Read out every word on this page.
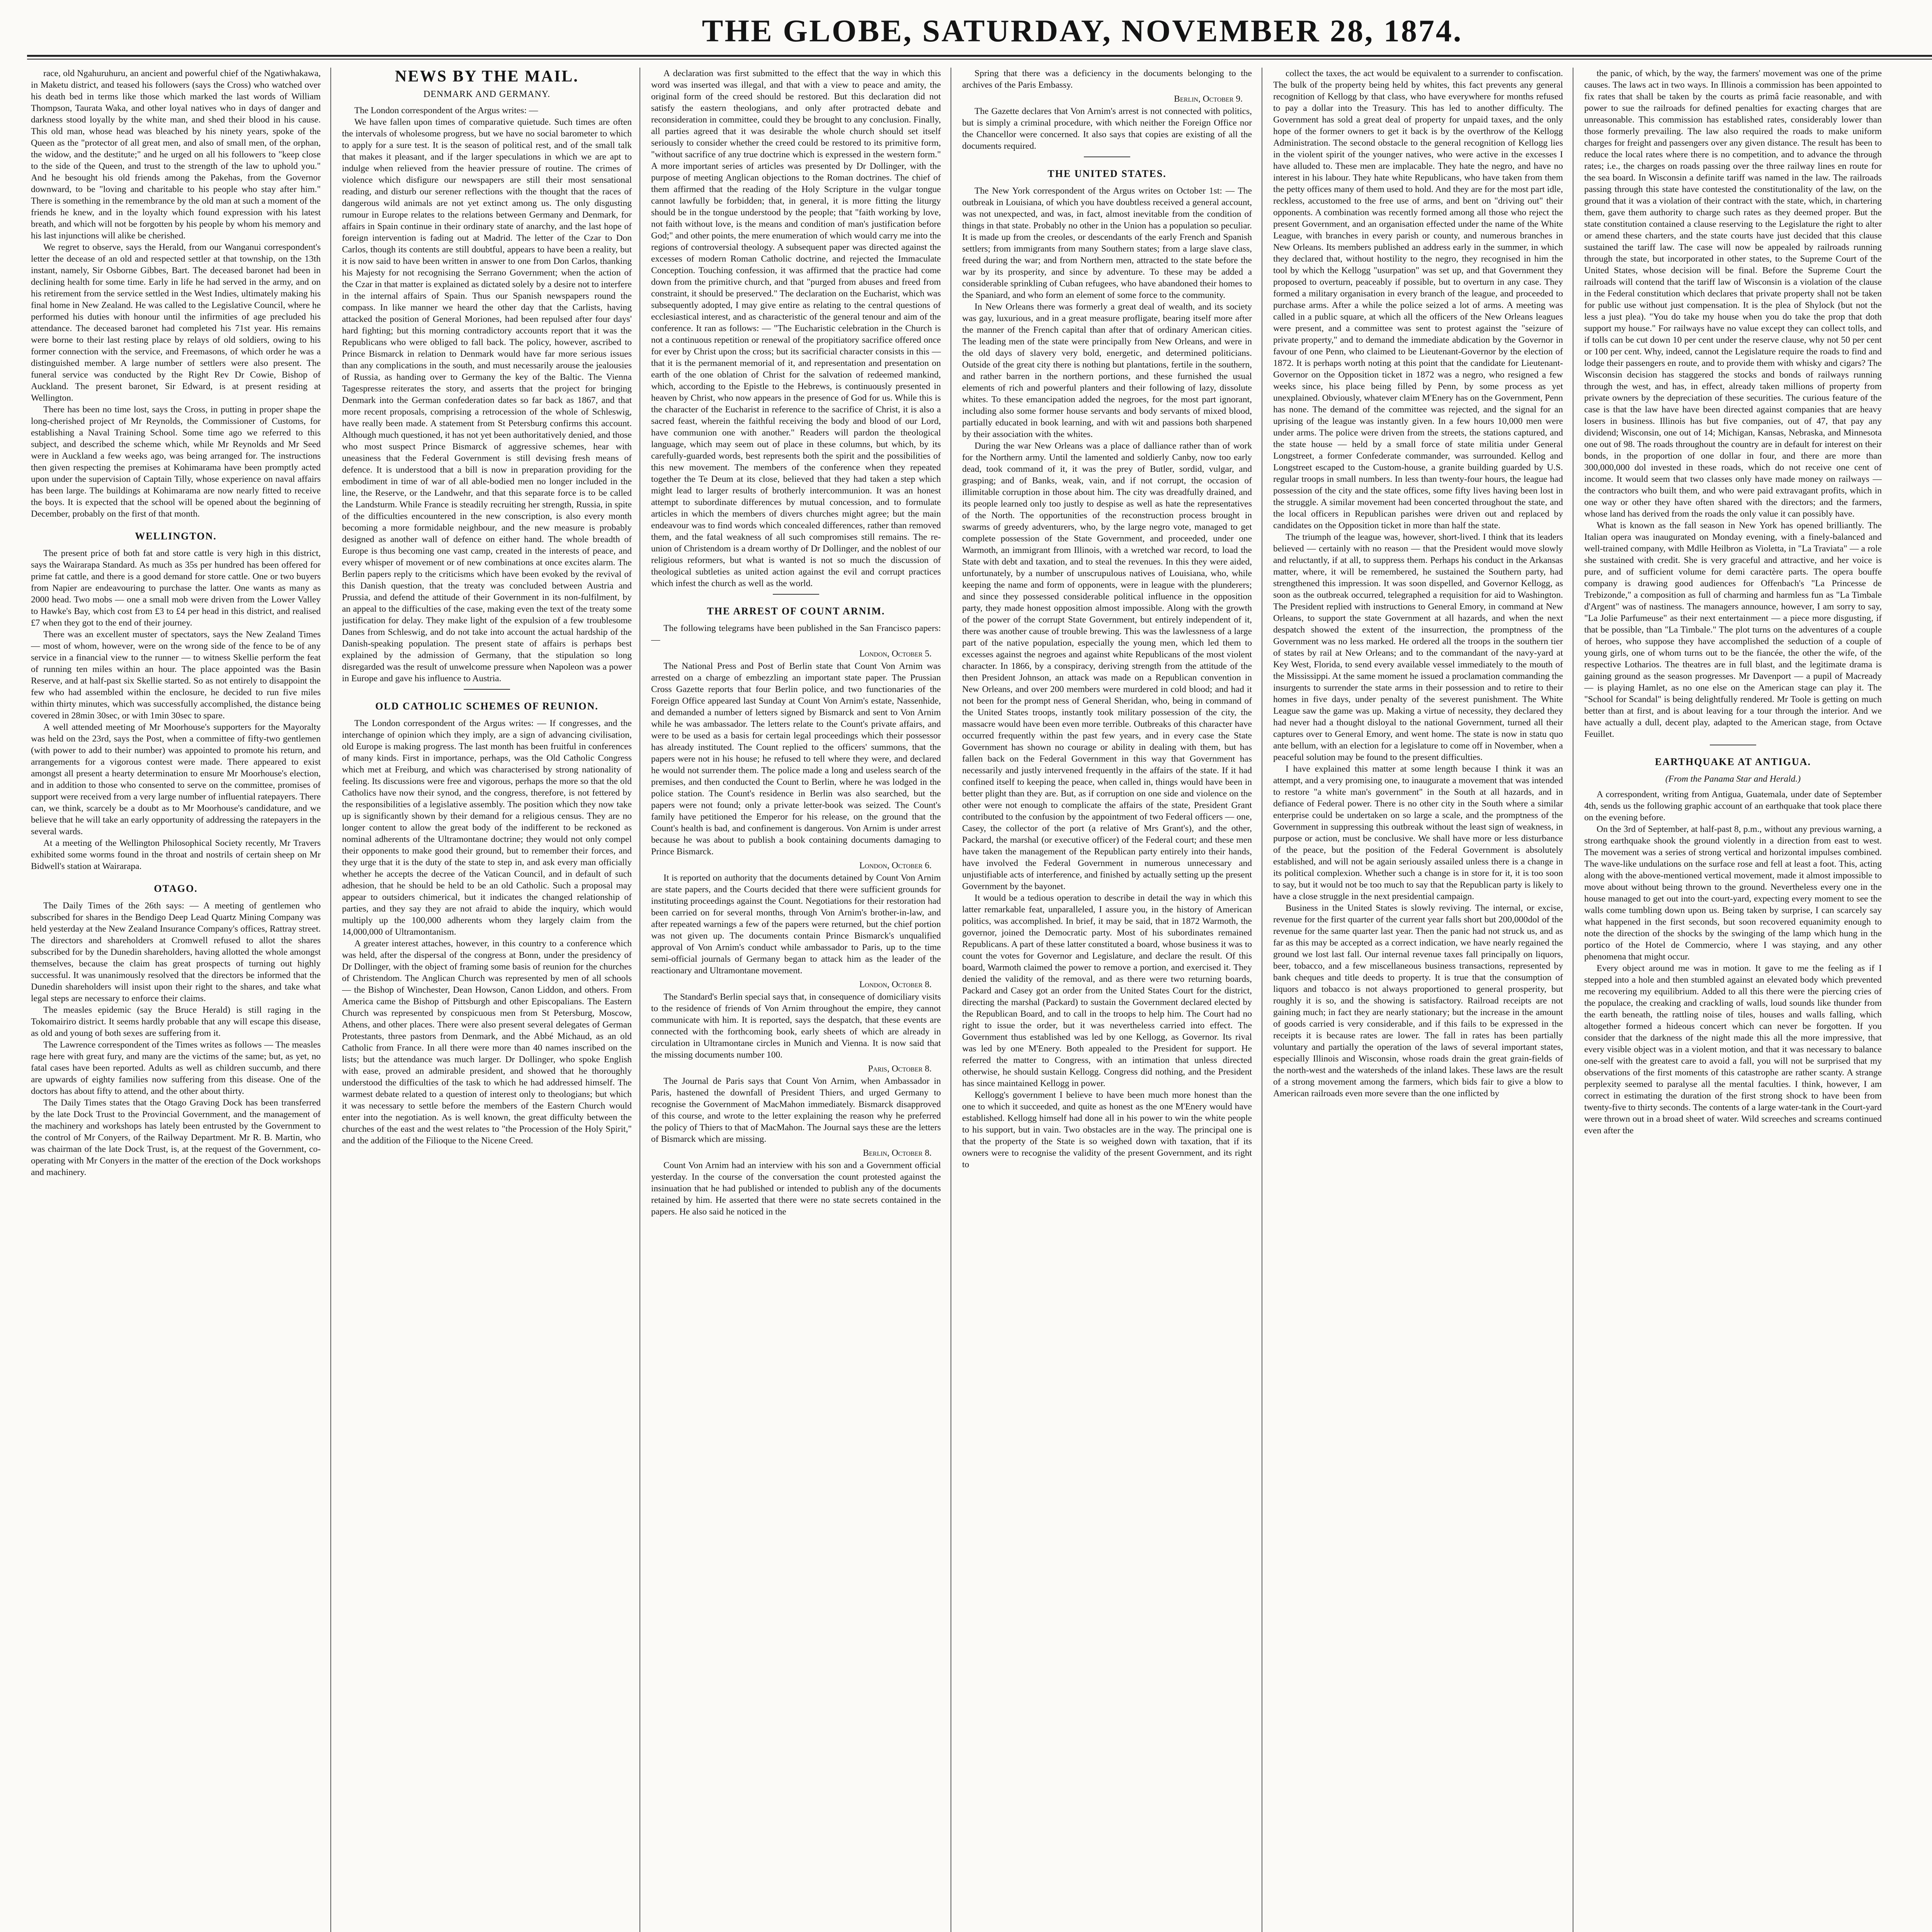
THE GLOBE, SATURDAY, NOVEMBER 28, 1874.

race, old Ngahuruhuru, an ancient and powerful chief of the Ngatiwhakawa, in Maketu district, and teased his followers (says the Cross) who watched over his death bed in terms like those which marked the last words of William Thompson, Taurata Waka, and other loyal natives who in days of danger and darkness stood loyally by the white man, and shed their blood in his cause. This old man, whose head was bleached by his ninety years, spoke of the Queen as the "protector of all great men, and also of small men, of the orphan, the widow, and the destitute;" and he urged on all his followers to "keep close to the side of the Queen, and trust to the strength of the law to uphold you." And he besought his old friends among the Pakehas, from the Governor downward, to be "loving and charitable to his people who stay after him." There is something in the remembrance by the old man at such a moment of the friends he knew, and in the loyalty which found expression with his latest breath, and which will not be forgotten by his people by whom his memory and his last injunctions will alike be cherished.

We regret to observe, says the Herald, from our Wanganui correspondent's letter the decease of an old and respected settler at that township, on the 13th instant, namely, Sir Osborne Gibbes, Bart. The deceased baronet had been in declining health for some time. Early in life he had served in the army, and on his retirement from the service settled in the West Indies, ultimately making his final home in New Zealand. He was called to the Legislative Council, where he performed his duties with honour until the infirmities of age precluded his attendance. The deceased baronet had completed his 71st year. His remains were borne to their last resting place by relays of old soldiers, owing to his former connection with the service, and Freemasons, of which order he was a distinguished member. A large number of settlers were also present. The funeral service was conducted by the Right Rev Dr Cowie, Bishop of Auckland. The present baronet, Sir Edward, is at present residing at Wellington.

There has been no time lost, says the Cross, in putting in proper shape the long-cherished project of Mr Reynolds, the Commissioner of Customs, for establishing a Naval Training School. Some time ago we referred to this subject, and described the scheme which, while Mr Reynolds and Mr Seed were in Auckland a few weeks ago, was being arranged for. The instructions then given respecting the premises at Kohimarama have been promptly acted upon under the supervision of Captain Tilly, whose experience on naval affairs has been large. The buildings at Kohimarama are now nearly fitted to receive the boys. It is expected that the school will be opened about the beginning of December, probably on the first of that month.

WELLINGTON.

The present price of both fat and store cattle is very high in this district, says the Wairarapa Standard. As much as 35s per hundred has been offered for prime fat cattle, and there is a good demand for store cattle. One or two buyers from Napier are endeavouring to purchase the latter. One wants as many as 2000 head. Two mobs — one a small mob were driven from the Lower Valley to Hawke's Bay, which cost from £3 to £4 per head in this district, and realised £7 when they got to the end of their journey.

There was an excellent muster of spectators, says the New Zealand Times — most of whom, however, were on the wrong side of the fence to be of any service in a financial view to the runner — to witness Skellie perform the feat of running ten miles within an hour. The place appointed was the Basin Reserve, and at half-past six Skellie started. So as not entirely to disappoint the few who had assembled within the enclosure, he decided to run five miles within thirty minutes, which was successfully accomplished, the distance being covered in 28min 30sec, or with 1min 30sec to spare.

A well attended meeting of Mr Moorhouse's supporters for the Mayoralty was held on the 23rd, says the Post, when a committee of fifty-two gentlemen (with power to add to their number) was appointed to promote his return, and arrangements for a vigorous contest were made. There appeared to exist amongst all present a hearty determination to ensure Mr Moorhouse's election, and in addition to those who consented to serve on the committee, promises of support were received from a very large number of influential ratepayers. There can, we think, scarcely be a doubt as to Mr Moorhouse's candidature, and we believe that he will take an early opportunity of addressing the ratepayers in the several wards.

At a meeting of the Wellington Philosophical Society recently, Mr Travers exhibited some worms found in the throat and nostrils of certain sheep on Mr Bidwell's station at Wairarapa.

OTAGO.

The Daily Times of the 26th says: — A meeting of gentlemen who subscribed for shares in the Bendigo Deep Lead Quartz Mining Company was held yesterday at the New Zealand Insurance Company's offices, Rattray street. The directors and shareholders at Cromwell refused to allot the shares subscribed for by the Dunedin shareholders, having allotted the whole amongst themselves, because the claim has great prospects of turning out highly successful. It was unanimously resolved that the directors be informed that the Dunedin shareholders will insist upon their right to the shares, and take what legal steps are necessary to enforce their claims.

The measles epidemic (say the Bruce Herald) is still raging in the Tokomairiro district. It seems hardly probable that any will escape this disease, as old and young of both sexes are suffering from it.

The Lawrence correspondent of the Times writes as follows — The measles rage here with great fury, and many are the victims of the same; but, as yet, no fatal cases have been reported. Adults as well as children succumb, and there are upwards of eighty families now suffering from this disease. One of the doctors has about fifty to attend, and the other about thirty.

The Daily Times states that the Otago Graving Dock has been transferred by the late Dock Trust to the Provincial Government, and the management of the machinery and workshops has lately been entrusted by the Government to the control of Mr Conyers, of the Railway Department. Mr R. B. Martin, who was chairman of the late Dock Trust, is, at the request of the Government, co-operating with Mr Conyers in the matter of the erection of the Dock workshops and machinery.

NEWS BY THE MAIL.
DENMARK AND GERMANY.

The London correspondent of the Argus writes: —

We have fallen upon times of comparative quietude. Such times are often the intervals of wholesome progress, but we have no social barometer to which to apply for a sure test. It is the season of political rest, and of the small talk that makes it pleasant, and if the larger speculations in which we are apt to indulge when relieved from the heavier pressure of routine. The crimes of violence which disfigure our newspapers are still their most sensational reading, and disturb our serener reflections with the thought that the races of dangerous wild animals are not yet extinct among us. The only disgusting rumour in Europe relates to the relations between Germany and Denmark, for affairs in Spain continue in their ordinary state of anarchy, and the last hope of foreign intervention is fading out at Madrid. The letter of the Czar to Don Carlos, though its contents are still doubtful, appears to have been a reality, but it is now said to have been written in answer to one from Don Carlos, thanking his Majesty for not recognising the Serrano Government; when the action of the Czar in that matter is explained as dictated solely by a desire not to interfere in the internal affairs of Spain. Thus our Spanish newspapers round the compass. In like manner we heard the other day that the Carlists, having attacked the position of General Moriones, had been repulsed after four days' hard fighting; but this morning contradictory accounts report that it was the Republicans who were obliged to fall back. The policy, however, ascribed to Prince Bismarck in relation to Denmark would have far more serious issues than any complications in the south, and must necessarily arouse the jealousies of Russia, as handing over to Germany the key of the Baltic. The Vienna Tagespresse reiterates the story, and asserts that the project for bringing Denmark into the German confederation dates so far back as 1867, and that more recent proposals, comprising a retrocession of the whole of Schleswig, have really been made. A statement from St Petersburg confirms this account. Although much questioned, it has not yet been authoritatively denied, and those who most suspect Prince Bismarck of aggressive schemes, hear with uneasiness that the Federal Government is still devising fresh means of defence. It is understood that a bill is now in preparation providing for the embodiment in time of war of all able-bodied men no longer included in the line, the Reserve, or the Landwehr, and that this separate force is to be called the Landsturm. While France is steadily recruiting her strength, Russia, in spite of the difficulties encountered in the new conscription, is also every month becoming a more formidable neighbour, and the new measure is probably designed as another wall of defence on either hand. The whole breadth of Europe is thus becoming one vast camp, created in the interests of peace, and every whisper of movement or of new combinations at once excites alarm. The Berlin papers reply to the criticisms which have been evoked by the revival of this Danish question, that the treaty was concluded between Austria and Prussia, and defend the attitude of their Government in its non-fulfilment, by an appeal to the difficulties of the case, making even the text of the treaty some justification for delay. They make light of the expulsion of a few troublesome Danes from Schleswig, and do not take into account the actual hardship of the Danish-speaking population. The present state of affairs is perhaps best explained by the admission of Germany, that the stipulation so long disregarded was the result of unwelcome pressure when Napoleon was a power in Europe and gave his influence to Austria.

OLD CATHOLIC SCHEMES OF REUNION.

The London correspondent of the Argus writes: — If congresses, and the interchange of opinion which they imply, are a sign of advancing civilisation, old Europe is making progress. The last month has been fruitful in conferences of many kinds. First in importance, perhaps, was the Old Catholic Congress which met at Freiburg, and which was characterised by strong nationality of feeling. Its discussions were free and vigorous, perhaps the more so that the old Catholics have now their synod, and the congress, therefore, is not fettered by the responsibilities of a legislative assembly. The position which they now take up is significantly shown by their demand for a religious census. They are no longer content to allow the great body of the indifferent to be reckoned as nominal adherents of the Ultramontane doctrine; they would not only compel their opponents to make good their ground, but to remember their forces, and they urge that it is the duty of the state to step in, and ask every man officially whether he accepts the decree of the Vatican Council, and in default of such adhesion, that he should be held to be an old Catholic. Such a proposal may appear to outsiders chimerical, but it indicates the changed relationship of parties, and they say they are not afraid to abide the inquiry, which would multiply up the 100,000 adherents whom they largely claim from the 14,000,000 of Ultramontanism.

A greater interest attaches, however, in this country to a conference which was held, after the dispersal of the congress at Bonn, under the presidency of Dr Dollinger, with the object of framing some basis of reunion for the churches of Christendom. The Anglican Church was represented by men of all schools — the Bishop of Winchester, Dean Howson, Canon Liddon, and others. From America came the Bishop of Pittsburgh and other Episcopalians. The Eastern Church was represented by conspicuous men from St Petersburg, Moscow, Athens, and other places. There were also present several delegates of German Protestants, three pastors from Denmark, and the Abbé Michaud, as an old Catholic from France. In all there were more than 40 names inscribed on the lists; but the attendance was much larger. Dr Dollinger, who spoke English with ease, proved an admirable president, and showed that he thoroughly understood the difficulties of the task to which he had addressed himself. The warmest debate related to a question of interest only to theologians; but which it was necessary to settle before the members of the Eastern Church would enter into the negotiation. As is well known, the great difficulty between the churches of the east and the west relates to "the Procession of the Holy Spirit," and the addition of the Filioque to the Nicene Creed.

A declaration was first submitted to the effect that the way in which this word was inserted was illegal, and that with a view to peace and amity, the original form of the creed should be restored. But this declaration did not satisfy the eastern theologians, and only after protracted debate and reconsideration in committee, could they be brought to any conclusion. Finally, all parties agreed that it was desirable the whole church should set itself seriously to consider whether the creed could be restored to its primitive form, "without sacrifice of any true doctrine which is expressed in the western form." A more important series of articles was presented by Dr Dollinger, with the purpose of meeting Anglican objections to the Roman doctrines. The chief of them affirmed that the reading of the Holy Scripture in the vulgar tongue cannot lawfully be forbidden; that, in general, it is more fitting the liturgy should be in the tongue understood by the people; that "faith working by love, not faith without love, is the means and condition of man's justification before God;" and other points, the mere enumeration of which would carry me into the regions of controversial theology. A subsequent paper was directed against the excesses of modern Roman Catholic doctrine, and rejected the Immaculate Conception. Touching confession, it was affirmed that the practice had come down from the primitive church, and that "purged from abuses and freed from constraint, it should be preserved." The declaration on the Eucharist, which was subsequently adopted, I may give entire as relating to the central questions of ecclesiastical interest, and as characteristic of the general tenour and aim of the conference. It ran as follows: — "The Eucharistic celebration in the Church is not a continuous repetition or renewal of the propitiatory sacrifice offered once for ever by Christ upon the cross; but its sacrificial character consists in this — that it is the permanent memorial of it, and representation and presentation on earth of the one oblation of Christ for the salvation of redeemed mankind, which, according to the Epistle to the Hebrews, is continuously presented in heaven by Christ, who now appears in the presence of God for us. While this is the character of the Eucharist in reference to the sacrifice of Christ, it is also a sacred feast, wherein the faithful receiving the body and blood of our Lord, have communion one with another." Readers will pardon the theological language, which may seem out of place in these columns, but which, by its carefully-guarded words, best represents both the spirit and the possibilities of this new movement. The members of the conference when they repeated together the Te Deum at its close, believed that they had taken a step which might lead to larger results of brotherly intercommunion. It was an honest attempt to subordinate differences by mutual concession, and to formulate articles in which the members of divers churches might agree; but the main endeavour was to find words which concealed differences, rather than removed them, and the fatal weakness of all such compromises still remains. The re-union of Christendom is a dream worthy of Dr Dollinger, and the noblest of our religious reformers, but what is wanted is not so much the discussion of theological subtleties as united action against the evil and corrupt practices which infest the church as well as the world.

THE ARREST OF COUNT ARNIM.

The following telegrams have been published in the San Francisco papers: —

London, October 5.

The National Press and Post of Berlin state that Count Von Arnim was arrested on a charge of embezzling an important state paper. The Prussian Cross Gazette reports that four Berlin police, and two functionaries of the Foreign Office appeared last Sunday at Count Von Arnim's estate, Nassenhide, and demanded a number of letters signed by Bismarck and sent to Von Arnim while he was ambassador. The letters relate to the Count's private affairs, and were to be used as a basis for certain legal proceedings which their possessor has already instituted. The Count replied to the officers' summons, that the papers were not in his house; he refused to tell where they were, and declared he would not surrender them. The police made a long and useless search of the premises, and then conducted the Count to Berlin, where he was lodged in the police station. The Count's residence in Berlin was also searched, but the papers were not found; only a private letter-book was seized. The Count's family have petitioned the Emperor for his release, on the ground that the Count's health is bad, and confinement is dangerous. Von Arnim is under arrest because he was about to publish a book containing documents damaging to Prince Bismarck.

London, October 6.

It is reported on authority that the documents detained by Count Von Arnim are state papers, and the Courts decided that there were sufficient grounds for instituting proceedings against the Count. Negotiations for their restoration had been carried on for several months, through Von Arnim's brother-in-law, and after repeated warnings a few of the papers were returned, but the chief portion was not given up. The documents contain Prince Bismarck's unqualified approval of Von Arnim's conduct while ambassador to Paris, up to the time semi-official journals of Germany began to attack him as the leader of the reactionary and Ultramontane movement.

London, October 8.

The Standard's Berlin special says that, in consequence of domiciliary visits to the residence of friends of Von Arnim throughout the empire, they cannot communicate with him. It is reported, says the despatch, that these events are connected with the forthcoming book, early sheets of which are already in circulation in Ultramontane circles in Munich and Vienna. It is now said that the missing documents number 100.

Paris, October 8.

The Journal de Paris says that Count Von Arnim, when Ambassador in Paris, hastened the downfall of President Thiers, and urged Germany to recognise the Government of MacMahon immediately. Bismarck disapproved of this course, and wrote to the letter explaining the reason why he preferred the policy of Thiers to that of MacMahon. The Journal says these are the letters of Bismarck which are missing.

Berlin, October 8.

Count Von Arnim had an interview with his son and a Government official yesterday. In the course of the conversation the count protested against the insinuation that he had published or intended to publish any of the documents retained by him. He asserted that there were no state secrets contained in the papers. He also said he noticed in the

Spring that there was a deficiency in the documents belonging to the archives of the Paris Embassy.

Berlin, October 9.

The Gazette declares that Von Arnim's arrest is not connected with politics, but is simply a criminal procedure, with which neither the Foreign Office nor the Chancellor were concerned. It also says that copies are existing of all the documents required.

THE UNITED STATES.

The New York correspondent of the Argus writes on October 1st: — The outbreak in Louisiana, of which you have doubtless received a general account, was not unexpected, and was, in fact, almost inevitable from the condition of things in that state. Probably no other in the Union has a population so peculiar. It is made up from the creoles, or descendants of the early French and Spanish settlers; from immigrants from many Southern states; from a large slave class, freed during the war; and from Northern men, attracted to the state before the war by its prosperity, and since by adventure. To these may be added a considerable sprinkling of Cuban refugees, who have abandoned their homes to the Spaniard, and who form an element of some force to the community.

In New Orleans there was formerly a great deal of wealth, and its society was gay, luxurious, and in a great measure profligate, bearing itself more after the manner of the French capital than after that of ordinary American cities. The leading men of the state were principally from New Orleans, and were in the old days of slavery very bold, energetic, and determined politicians. Outside of the great city there is nothing but plantations, fertile in the southern, and rather barren in the northern portions, and these furnished the usual elements of rich and powerful planters and their following of lazy, dissolute whites. To these emancipation added the negroes, for the most part ignorant, including also some former house servants and body servants of mixed blood, partially educated in book learning, and with wit and passions both sharpened by their association with the whites.

During the war New Orleans was a place of dalliance rather than of work for the Northern army. Until the lamented and soldierly Canby, now too early dead, took command of it, it was the prey of Butler, sordid, vulgar, and grasping; and of Banks, weak, vain, and if not corrupt, the occasion of illimitable corruption in those about him. The city was dreadfully drained, and its people learned only too justly to despise as well as hate the representatives of the North. The opportunities of the reconstruction process brought in swarms of greedy adventurers, who, by the large negro vote, managed to get complete possession of the State Government, and proceeded, under one Warmoth, an immigrant from Illinois, with a wretched war record, to load the State with debt and taxation, and to steal the revenues. In this they were aided, unfortunately, by a number of unscrupulous natives of Louisiana, who, while keeping the name and form of opponents, were in league with the plunderers; and since they possessed considerable political influence in the opposition party, they made honest opposition almost impossible. Along with the growth of the power of the corrupt State Government, but entirely independent of it, there was another cause of trouble brewing. This was the lawlessness of a large part of the native population, especially the young men, which led them to excesses against the negroes and against white Republicans of the most violent character. In 1866, by a conspiracy, deriving strength from the attitude of the then President Johnson, an attack was made on a Republican convention in New Orleans, and over 200 members were murdered in cold blood; and had it not been for the prompt ness of General Sheridan, who, being in command of the United States troops, instantly took military possession of the city, the massacre would have been even more terrible. Outbreaks of this character have occurred frequently within the past few years, and in every case the State Government has shown no courage or ability in dealing with them, but has fallen back on the Federal Government in this way that Government has necessarily and justly intervened frequently in the affairs of the state. If it had confined itself to keeping the peace, when called in, things would have been in better plight than they are. But, as if corruption on one side and violence on the other were not enough to complicate the affairs of the state, President Grant contributed to the confusion by the appointment of two Federal officers — one, Casey, the collector of the port (a relative of Mrs Grant's), and the other, Packard, the marshal (or executive officer) of the Federal court; and these men have taken the management of the Republican party entirely into their hands, have involved the Federal Government in numerous unnecessary and unjustifiable acts of interference, and finished by actually setting up the present Government by the bayonet.

It would be a tedious operation to describe in detail the way in which this latter remarkable feat, unparalleled, I assure you, in the history of American politics, was accomplished. In brief, it may be said, that in 1872 Warmoth, the governor, joined the Democratic party. Most of his subordinates remained Republicans. A part of these latter constituted a board, whose business it was to count the votes for Governor and Legislature, and declare the result. Of this board, Warmoth claimed the power to remove a portion, and exercised it. They denied the validity of the removal, and as there were two returning boards, Packard and Casey got an order from the United States Court for the district, directing the marshal (Packard) to sustain the Government declared elected by the Republican Board, and to call in the troops to help him. The Court had no right to issue the order, but it was nevertheless carried into effect. The Government thus established was led by one Kellogg, as Governor. Its rival was led by one M'Enery. Both appealed to the President for support. He referred the matter to Congress, with an intimation that unless directed otherwise, he should sustain Kellogg. Congress did nothing, and the President has since maintained Kellogg in power.

Kellogg's government I believe to have been much more honest than the one to which it succeeded, and quite as honest as the one M'Enery would have established. Kellogg himself had done all in his power to win the white people to his support, but in vain. Two obstacles are in the way. The principal one is that the property of the State is so weighed down with taxation, that if its owners were to recognise the validity of the present Government, and its right to

collect the taxes, the act would be equivalent to a surrender to confiscation. The bulk of the property being held by whites, this fact prevents any general recognition of Kellogg by that class, who have everywhere for months refused to pay a dollar into the Treasury. This has led to another difficulty. The Government has sold a great deal of property for unpaid taxes, and the only hope of the former owners to get it back is by the overthrow of the Kellogg Administration. The second obstacle to the general recognition of Kellogg lies in the violent spirit of the younger natives, who were active in the excesses I have alluded to. These men are implacable. They hate the negro, and have no interest in his labour. They hate white Republicans, who have taken from them the petty offices many of them used to hold. And they are for the most part idle, reckless, accustomed to the free use of arms, and bent on "driving out" their opponents. A combination was recently formed among all those who reject the present Government, and an organisation effected under the name of the White League, with branches in every parish or county, and numerous branches in New Orleans. Its members published an address early in the summer, in which they declared that, without hostility to the negro, they recognised in him the tool by which the Kellogg "usurpation" was set up, and that Government they proposed to overturn, peaceably if possible, but to overturn in any case. They formed a military organisation in every branch of the league, and proceeded to purchase arms. After a while the police seized a lot of arms. A meeting was called in a public square, at which all the officers of the New Orleans leagues were present, and a committee was sent to protest against the "seizure of private property," and to demand the immediate abdication by the Governor in favour of one Penn, who claimed to be Lieutenant-Governor by the election of 1872. It is perhaps worth noting at this point that the candidate for Lieutenant-Governor on the Opposition ticket in 1872 was a negro, who resigned a few weeks since, his place being filled by Penn, by some process as yet unexplained. Obviously, whatever claim M'Enery has on the Government, Penn has none. The demand of the committee was rejected, and the signal for an uprising of the league was instantly given. In a few hours 10,000 men were under arms. The police were driven from the streets, the stations captured, and the state house — held by a small force of state militia under General Longstreet, a former Confederate commander, was surrounded. Kellog and Longstreet escaped to the Custom-house, a granite building guarded by U.S. regular troops in small numbers. In less than twenty-four hours, the league had possession of the city and the state offices, some fifty lives having been lost in the struggle. A similar movement had been concerted throughout the state, and the local officers in Republican parishes were driven out and replaced by candidates on the Opposition ticket in more than half the state.

The triumph of the league was, however, short-lived. I think that its leaders believed — certainly with no reason — that the President would move slowly and reluctantly, if at all, to suppress them. Perhaps his conduct in the Arkansas matter, where, it will be remembered, he sustained the Southern party, had strengthened this impression. It was soon dispelled, and Governor Kellogg, as soon as the outbreak occurred, telegraphed a requisition for aid to Washington. The President replied with instructions to General Emory, in command at New Orleans, to support the state Government at all hazards, and when the next despatch showed the extent of the insurrection, the promptness of the Government was no less marked. He ordered all the troops in the southern tier of states by rail at New Orleans; and to the commandant of the navy-yard at Key West, Florida, to send every available vessel immediately to the mouth of the Mississippi. At the same moment he issued a proclamation commanding the insurgents to surrender the state arms in their possession and to retire to their homes in five days, under penalty of the severest punishment. The White League saw the game was up. Making a virtue of necessity, they declared they had never had a thought disloyal to the national Government, turned all their captures over to General Emory, and went home. The state is now in statu quo ante bellum, with an election for a legislature to come off in November, when a peaceful solution may be found to the present difficulties.

I have explained this matter at some length because I think it was an attempt, and a very promising one, to inaugurate a movement that was intended to restore "a white man's government" in the South at all hazards, and in defiance of Federal power. There is no other city in the South where a similar enterprise could be undertaken on so large a scale, and the promptness of the Government in suppressing this outbreak without the least sign of weakness, in purpose or action, must be conclusive. We shall have more or less disturbance of the peace, but the position of the Federal Government is absolutely established, and will not be again seriously assailed unless there is a change in its political complexion. Whether such a change is in store for it, it is too soon to say, but it would not be too much to say that the Republican party is likely to have a close struggle in the next presidential campaign.

Business in the United States is slowly reviving. The internal, or excise, revenue for the first quarter of the current year falls short but 200,000dol of the revenue for the same quarter last year. Then the panic had not struck us, and as far as this may be accepted as a correct indication, we have nearly regained the ground we lost last fall. Our internal revenue taxes fall principally on liquors, beer, tobacco, and a few miscellaneous business transactions, represented by bank cheques and title deeds to property. It is true that the consumption of liquors and tobacco is not always proportioned to general prosperity, but roughly it is so, and the showing is satisfactory. Railroad receipts are not gaining much; in fact they are nearly stationary; but the increase in the amount of goods carried is very considerable, and if this fails to be expressed in the receipts it is because rates are lower. The fall in rates has been partially voluntary and partially the operation of the laws of several important states, especially Illinois and Wisconsin, whose roads drain the great grain-fields of the north-west and the watersheds of the inland lakes. These laws are the result of a strong movement among the farmers, which bids fair to give a blow to American railroads even more severe than the one inflicted by

the panic, of which, by the way, the farmers' movement was one of the prime causes. The laws act in two ways. In Illinois a commission has been appointed to fix rates that shall be taken by the courts as primâ facie reasonable, and with power to sue the railroads for defined penalties for exacting charges that are unreasonable. This commission has established rates, considerably lower than those formerly prevailing. The law also required the roads to make uniform charges for freight and passengers over any given distance. The result has been to reduce the local rates where there is no competition, and to advance the through rates; i.e., the charges on roads passing over the three railway lines en route for the sea board. In Wisconsin a definite tariff was named in the law. The railroads passing through this state have contested the constitutionality of the law, on the ground that it was a violation of their contract with the state, which, in chartering them, gave them authority to charge such rates as they deemed proper. But the state constitution contained a clause reserving to the Legislature the right to alter or amend these charters, and the state courts have just decided that this clause sustained the tariff law. The case will now be appealed by railroads running through the state, but incorporated in other states, to the Supreme Court of the United States, whose decision will be final. Before the Supreme Court the railroads will contend that the tariff law of Wisconsin is a violation of the clause in the Federal constitution which declares that private property shall not be taken for public use without just compensation. It is the plea of Shylock (but not the less a just plea). "You do take my house when you do take the prop that doth support my house." For railways have no value except they can collect tolls, and if tolls can be cut down 10 per cent under the reserve clause, why not 50 per cent or 100 per cent. Why, indeed, cannot the Legislature require the roads to find and lodge their passengers en route, and to provide them with whisky and cigars? The Wisconsin decision has staggered the stocks and bonds of railways running through the west, and has, in effect, already taken millions of property from private owners by the depreciation of these securities. The curious feature of the case is that the law have have been directed against companies that are heavy losers in business. Illinois has but five companies, out of 47, that pay any dividend; Wisconsin, one out of 14; Michigan, Kansas, Nebraska, and Minnesota one out of 98. The roads throughout the country are in default for interest on their bonds, in the proportion of one dollar in four, and there are more than 300,000,000 dol invested in these roads, which do not receive one cent of income. It would seem that two classes only have made money on railways — the contractors who built them, and who were paid extravagant profits, which in one way or other they have often shared with the directors; and the farmers, whose land has derived from the roads the only value it can possibly have.

What is known as the fall season in New York has opened brilliantly. The Italian opera was inaugurated on Monday evening, with a finely-balanced and well-trained company, with Mdlle Heilbron as Violetta, in "La Traviata" — a role she sustained with credit. She is very graceful and attractive, and her voice is pure, and of sufficient volume for demi caractère parts. The opera bouffe company is drawing good audiences for Offenbach's "La Princesse de Trebizonde," a composition as full of charming and harmless fun as "La Timbale d'Argent" was of nastiness. The managers announce, however, I am sorry to say, "La Jolie Parfumeuse" as their next entertainment — a piece more disgusting, if that be possible, than "La Timbale." The plot turns on the adventures of a couple of heroes, who suppose they have accomplished the seduction of a couple of young girls, one of whom turns out to be the fiancée, the other the wife, of the respective Lotharios. The theatres are in full blast, and the legitimate drama is gaining ground as the season progresses. Mr Davenport — a pupil of Macready — is playing Hamlet, as no one else on the American stage can play it. The "School for Scandal" is being delightfully rendered. Mr Toole is getting on much better than at first, and is about leaving for a tour through the interior. And we have actually a dull, decent play, adapted to the American stage, from Octave Feuillet.

EARTHQUAKE AT ANTIGUA.
(From the Panama Star and Herald.)

A correspondent, writing from Antigua, Guatemala, under date of September 4th, sends us the following graphic account of an earthquake that took place there on the evening before.

On the 3rd of September, at half-past 8, p.m., without any previous warning, a strong earthquake shook the ground violently in a direction from east to west. The movement was a series of strong vertical and horizontal impulses combined. The wave-like undulations on the surface rose and fell at least a foot. This, acting along with the above-mentioned vertical movement, made it almost impossible to move about without being thrown to the ground. Nevertheless every one in the house managed to get out into the court-yard, expecting every moment to see the walls come tumbling down upon us. Being taken by surprise, I can scarcely say what happened in the first seconds, but soon recovered equanimity enough to note the direction of the shocks by the swinging of the lamp which hung in the portico of the Hotel de Commercio, where I was staying, and any other phenomena that might occur.

Every object around me was in motion. It gave to me the feeling as if I stepped into a hole and then stumbled against an elevated body which prevented me recovering my equilibrium. Added to all this there were the piercing cries of the populace, the creaking and crackling of walls, loud sounds like thunder from the earth beneath, the rattling noise of tiles, houses and walls falling, which altogether formed a hideous concert which can never be forgotten. If you consider that the darkness of the night made this all the more impressive, that every visible object was in a violent motion, and that it was necessary to balance one-self with the greatest care to avoid a fall, you will not be surprised that my observations of the first moments of this catastrophe are rather scanty. A strange perplexity seemed to paralyse all the mental faculties. I think, however, I am correct in estimating the duration of the first strong shock to have been from twenty-five to thirty seconds. The contents of a large water-tank in the Court-yard were thrown out in a broad sheet of water. Wild screeches and screams continued even after the
